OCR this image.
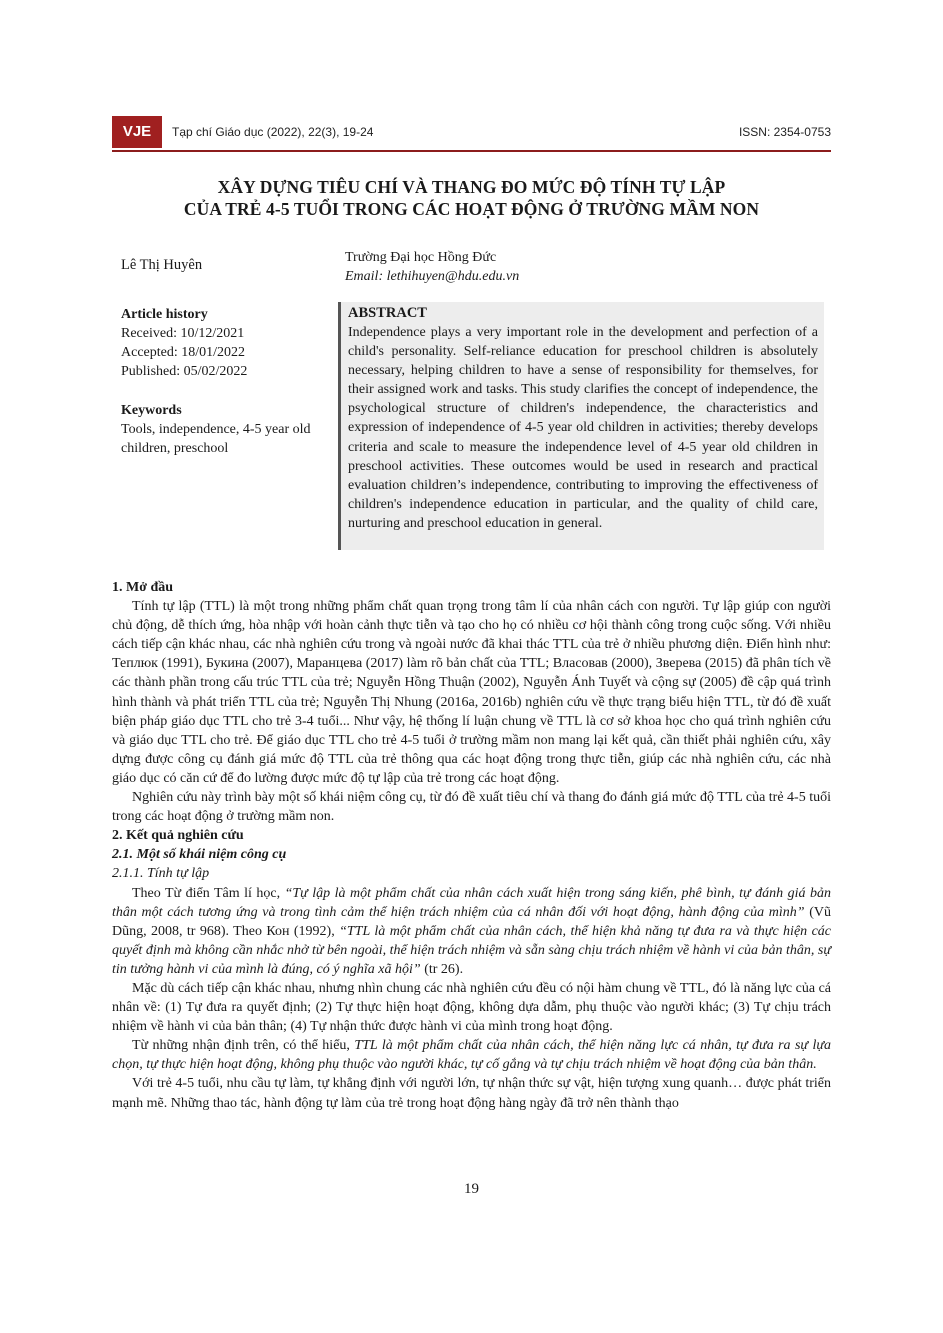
VJE	Tạp chí Giáo dục (2022), 22(3), 19-24	ISSN: 2354-0753
XÂY DỰNG TIÊU CHÍ VÀ THANG ĐO MỨC ĐỘ TÍNH TỰ LẬP
CỦA TRẺ 4-5 TUỔI TRONG CÁC HOẠT ĐỘNG Ở TRƯỜNG MẦM NON
Lê Thị Huyên	Trường Đại học Hồng Đức
Email: lethihuyen@hdu.edu.vn
Article history
Received: 10/12/2021
Accepted: 18/01/2022
Published: 05/02/2022
Keywords
Tools, independence, 4-5 year old children, preschool
ABSTRACT
Independence plays a very important role in the development and perfection of a child's personality. Self-reliance education for preschool children is absolutely necessary, helping children to have a sense of responsibility for themselves, for their assigned work and tasks. This study clarifies the concept of independence, the psychological structure of children's independence, the characteristics and expression of independence of 4-5 year old children in activities; thereby develops criteria and scale to measure the independence level of 4-5 year old children in preschool activities. These outcomes would be used in research and practical evaluation children’s independence, contributing to improving the effectiveness of children's independence education in particular, and the quality of child care, nurturing and preschool education in general.
1. Mở đầu

Tính tự lập (TTL) là một trong những phẩm chất quan trọng trong tâm lí của nhân cách con người. Tự lập giúp con người chủ động, dễ thích ứng, hòa nhập với hoàn cảnh thực tiễn và tạo cho họ có nhiều cơ hội thành công trong cuộc sống. Với nhiều cách tiếp cận khác nhau, các nhà nghiên cứu trong và ngoài nước đã khai thác TTL của trẻ ở nhiều phương diện. Điển hình như: Теплюк (1991), Букина (2007), Маранцева (2017) làm rõ bản chất của TTL; Власовав (2000), Зверева (2015) đã phân tích về các thành phần trong cấu trúc TTL của trẻ; Nguyễn Hồng Thuận (2002), Nguyễn Ánh Tuyết và cộng sự (2005) đề cập quá trình hình thành và phát triển TTL của trẻ; Nguyễn Thị Nhung (2016a, 2016b) nghiên cứu về thực trạng biểu hiện TTL, từ đó đề xuất biện pháp giáo dục TTL cho trẻ 3-4 tuổi... Như vậy, hệ thống lí luận chung về TTL là cơ sở khoa học cho quá trình nghiên cứu và giáo dục TTL cho trẻ. Để giáo dục TTL cho trẻ 4-5 tuổi ở trường mầm non mang lại kết quả, cần thiết phải nghiên cứu, xây dựng được công cụ đánh giá mức độ TTL của trẻ thông qua các hoạt động trong thực tiễn, giúp các nhà nghiên cứu, các nhà giáo dục có căn cứ để đo lường được mức độ tự lập của trẻ trong các hoạt động.

Nghiên cứu này trình bày một số khái niệm công cụ, từ đó đề xuất tiêu chí và thang đo đánh giá mức độ TTL của trẻ 4-5 tuổi trong các hoạt động ở trường mầm non.

2. Kết quả nghiên cứu
2.1. Một số khái niệm công cụ
2.1.1. Tính tự lập

Theo Từ điển Tâm lí học, “Tự lập là một phẩm chất của nhân cách xuất hiện trong sáng kiến, phê bình, tự đánh giá bản thân một cách tương ứng và trong tình cảm thể hiện trách nhiệm của cá nhân đối với hoạt động, hành động của mình” (Vũ Dũng, 2008, tr 968). Theo Кон (1992), “TTL là một phẩm chất của nhân cách, thể hiện khả năng tự đưa ra và thực hiện các quyết định mà không cần nhắc nhở từ bên ngoài, thể hiện trách nhiệm và sẵn sàng chịu trách nhiệm về hành vi của bản thân, sự tin tưởng hành vi của mình là đúng, có ý nghĩa xã hội” (tr 26).

Mặc dù cách tiếp cận khác nhau, nhưng nhìn chung các nhà nghiên cứu đều có nội hàm chung về TTL, đó là năng lực của cá nhân về: (1) Tự đưa ra quyết định; (2) Tự thực hiện hoạt động, không dựa dẫm, phụ thuộc vào người khác; (3) Tự chịu trách nhiệm về hành vi của bản thân; (4) Tự nhận thức được hành vi của mình trong hoạt động.

Từ những nhận định trên, có thể hiểu, TTL là một phẩm chất của nhân cách, thể hiện năng lực cá nhân, tự đưa ra sự lựa chọn, tự thực hiện hoạt động, không phụ thuộc vào người khác, tự cố gắng và tự chịu trách nhiệm về hoạt động của bản thân.

Với trẻ 4-5 tuổi, nhu cầu tự làm, tự khẳng định với người lớn, tự nhận thức sự vật, hiện tượng xung quanh… được phát triển mạnh mẽ. Những thao tác, hành động tự làm của trẻ trong hoạt động hàng ngày đã trở nên thành thạo

19
